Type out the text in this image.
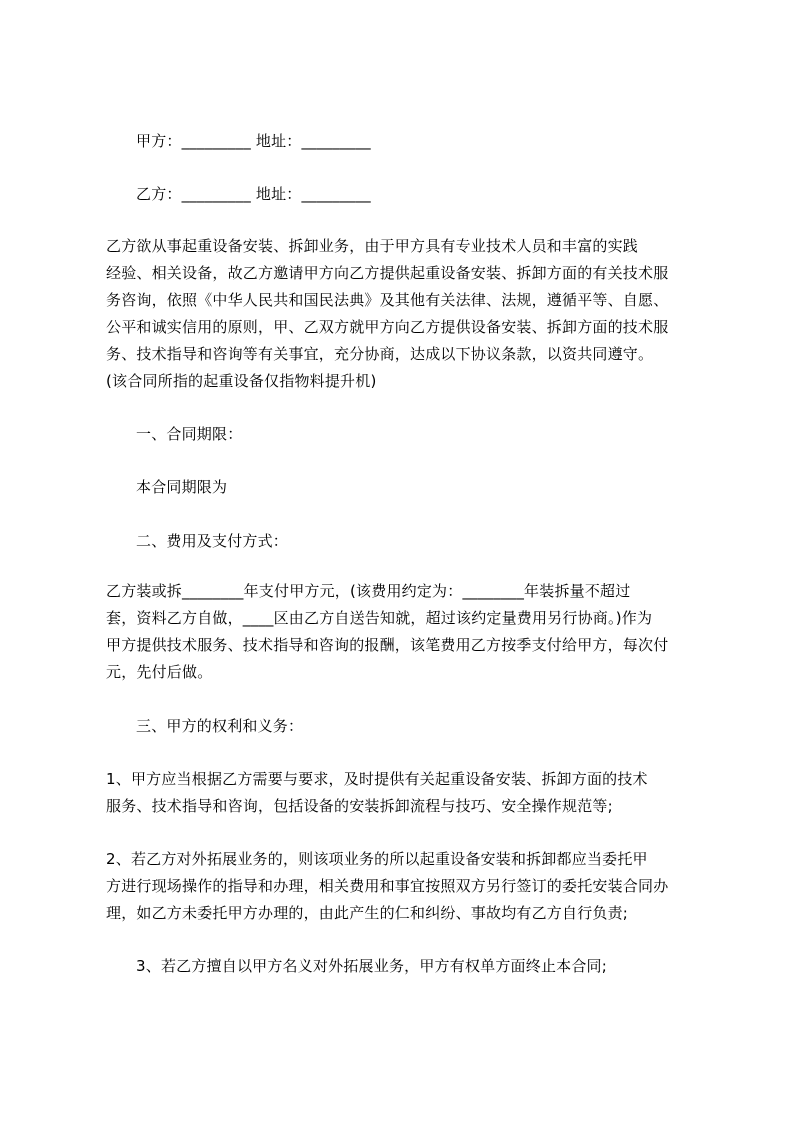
甲方：_________ 地址：_________
乙方：_________ 地址：_________
乙方欲从事起重设备安装、拆卸业务，由于甲方具有专业技术人员和丰富的实践
经验、相关设备，故乙方邀请甲方向乙方提供起重设备安装、拆卸方面的有关技术服
务咨询，依照《中华人民共和国民法典》及其他有关法律、法规，遵循平等、自愿、
公平和诚实信用的原则，甲、乙双方就甲方向乙方提供设备安装、拆卸方面的技术服
务、技术指导和咨询等有关事宜，充分协商，达成以下协议条款，以资共同遵守。
(该合同所指的起重设备仅指物料提升机)
一、合同期限：
本合同期限为
二、费用及支付方式：
乙方装或拆________年支付甲方元，(该费用约定为：________年装拆量不超过
套，资料乙方自做，____区由乙方自送告知就，超过该约定量费用另行协商。)作为
甲方提供技术服务、技术指导和咨询的报酬，该笔费用乙方按季支付给甲方，每次付
元，先付后做。
三、甲方的权利和义务：
1、甲方应当根据乙方需要与要求，及时提供有关起重设备安装、拆卸方面的技术
服务、技术指导和咨询，包括设备的安装拆卸流程与技巧、安全操作规范等;
2、若乙方对外拓展业务的，则该项业务的所以起重设备安装和拆卸都应当委托甲
方进行现场操作的指导和办理，相关费用和事宜按照双方另行签订的委托安装合同办
理，如乙方未委托甲方办理的，由此产生的仁和纠纷、事故均有乙方自行负责;
3、若乙方擅自以甲方名义对外拓展业务，甲方有权单方面终止本合同;
